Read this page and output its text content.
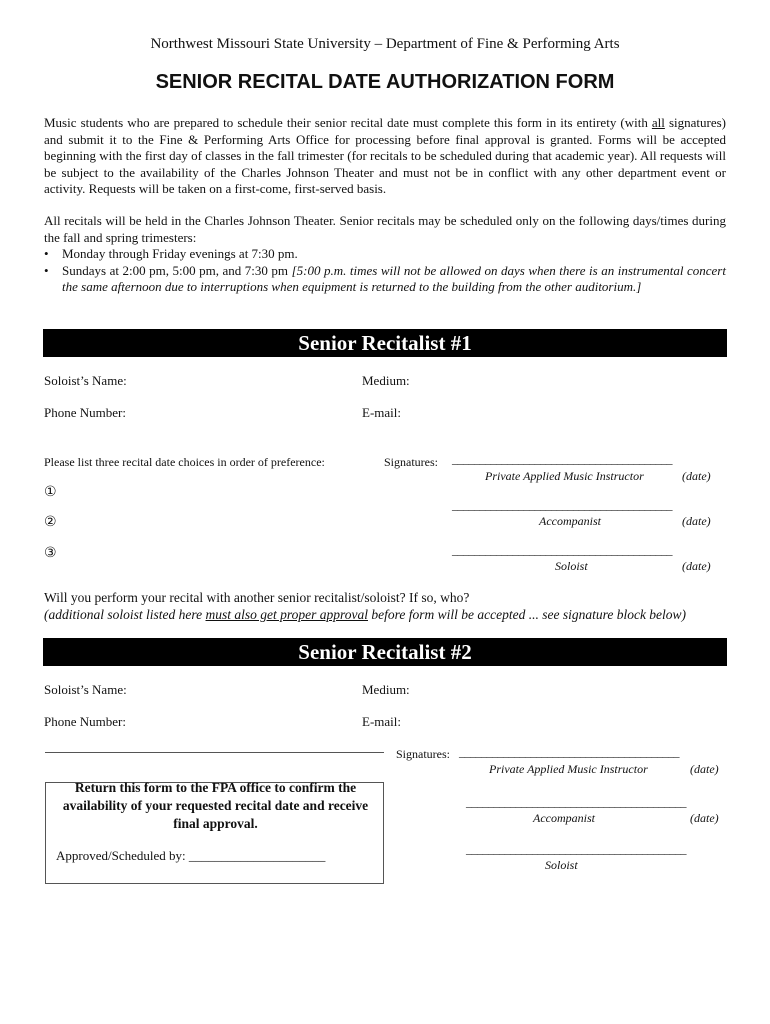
Northwest Missouri State University – Department of Fine & Performing Arts
SENIOR RECITAL DATE AUTHORIZATION FORM
Music students who are prepared to schedule their senior recital date must complete this form in its entirety (with all signatures) and submit it to the Fine & Performing Arts Office for processing before final approval is granted. Forms will be accepted beginning with the first day of classes in the fall trimester (for recitals to be scheduled during that academic year). All requests will be subject to the availability of the Charles Johnson Theater and must not be in conflict with any other department event or activity. Requests will be taken on a first-come, first-served basis.
All recitals will be held in the Charles Johnson Theater. Senior recitals may be scheduled only on the following days/times during the fall and spring trimesters:
•	Monday through Friday evenings at 7:30 pm.
•	Sundays at 2:00 pm, 5:00 pm, and 7:30 pm [5:00 p.m. times will not be allowed on days when there is an instrumental concert the same afternoon due to interruptions when equipment is returned to the building from the other auditorium.]
Senior Recitalist #1
Soloist’s Name:	Medium:
Phone Number:	E-mail:
Please list three recital date choices in order of preference:
①
②
③
Signatures: ________________________________________
Private Applied Music Instructor	(date)
________________________________________
Accompanist	(date)
________________________________________
Soloist	(date)
Will you perform your recital with another senior recitalist/soloist? If so, who?
(additional soloist listed here must also get proper approval before form will be accepted ... see signature block below)
Senior Recitalist #2
Soloist’s Name:	Medium:
Phone Number:	E-mail:
Signatures: ________________________________________
Private Applied Music Instructor	(date)
________________________________________
Accompanist	(date)
________________________________________
Soloist
Return this form to the FPA office to confirm the availability of your requested recital date and receive final approval.
Approved/Scheduled by: _____________________
